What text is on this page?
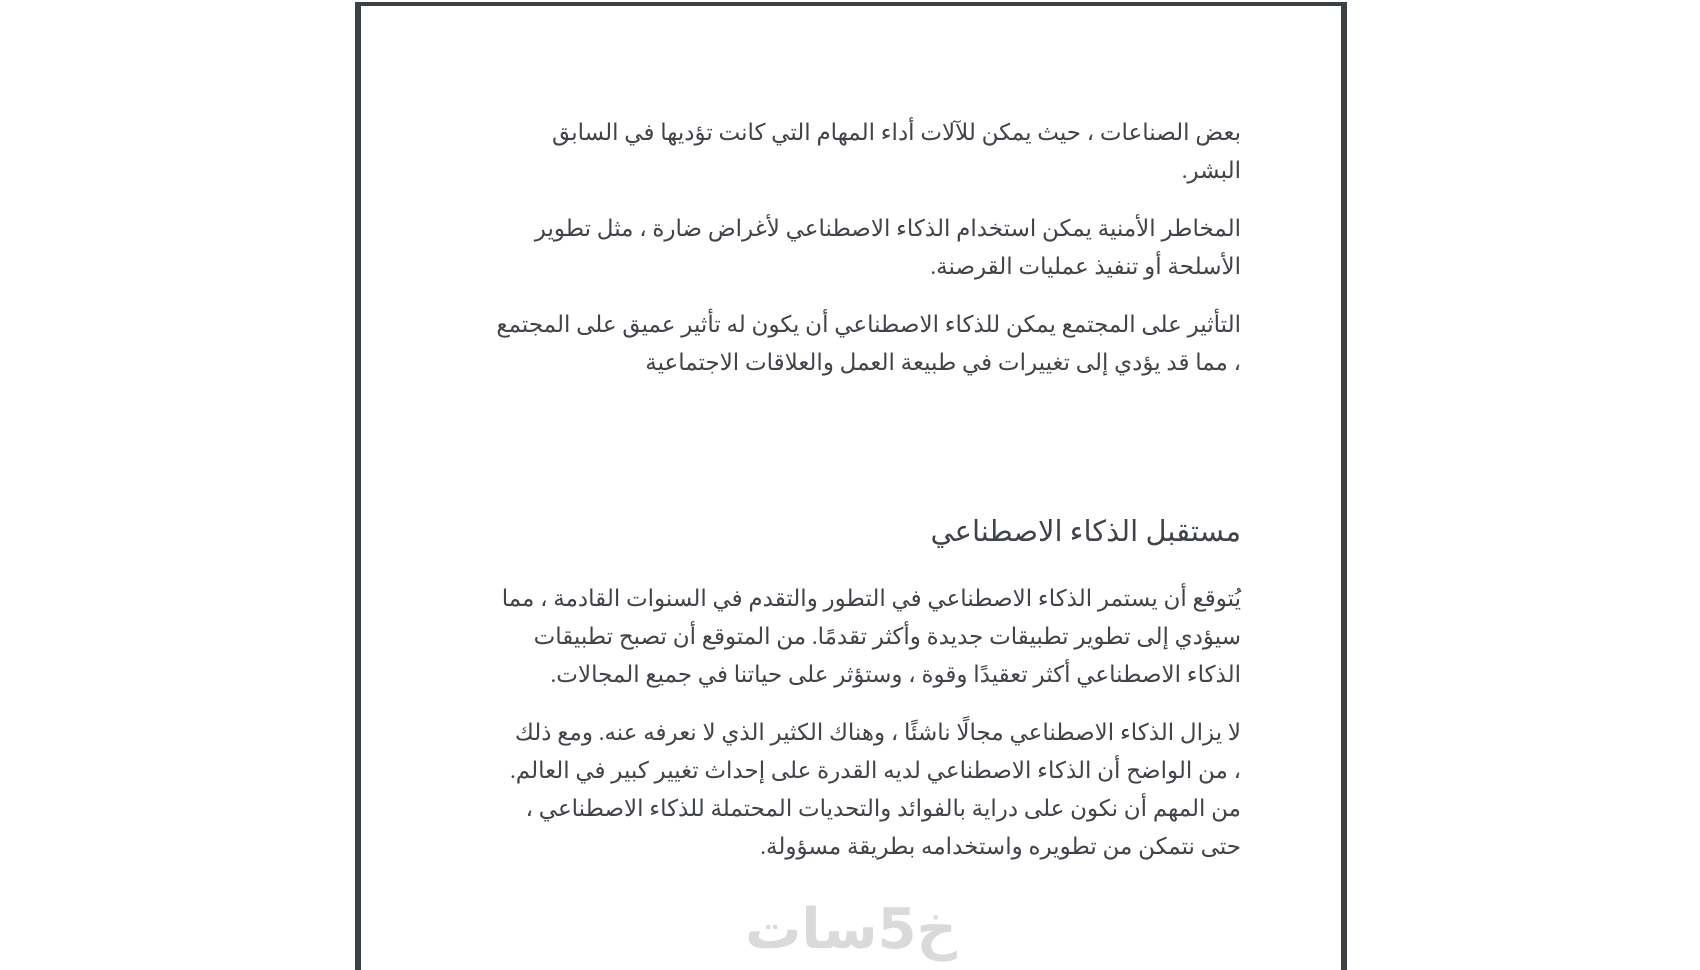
بعض الصناعات ، حيث يمكن للآلات أداء المهام التي كانت تؤديها في السابق
البشر.

المخاطر الأمنية يمكن استخدام الذكاء الاصطناعي لأغراض ضارة ، مثل تطوير
الأسلحة أو تنفيذ عمليات القرصنة.

التأثير على المجتمع يمكن للذكاء الاصطناعي أن يكون له تأثير عميق على المجتمع
، مما قد يؤدي إلى تغييرات في طبيعة العمل والعلاقات الاجتماعية

مستقبل الذكاء الاصطناعي

يُتوقع أن يستمر الذكاء الاصطناعي في التطور والتقدم في السنوات القادمة ، مما
سيؤدي إلى تطوير تطبيقات جديدة وأكثر تقدمًا. من المتوقع أن تصبح تطبيقات
الذكاء الاصطناعي أكثر تعقيدًا وقوة ، وستؤثر على حياتنا في جميع المجالات.

لا يزال الذكاء الاصطناعي مجالًا ناشئًا ، وهناك الكثير الذي لا نعرفه عنه. ومع ذلك
، من الواضح أن الذكاء الاصطناعي لديه القدرة على إحداث تغيير كبير في العالم.
من المهم أن نكون على دراية بالفوائد والتحديات المحتملة للذكاء الاصطناعي ،
حتى نتمكن من تطويره واستخدامه بطريقة مسؤولة.

خ5سات
